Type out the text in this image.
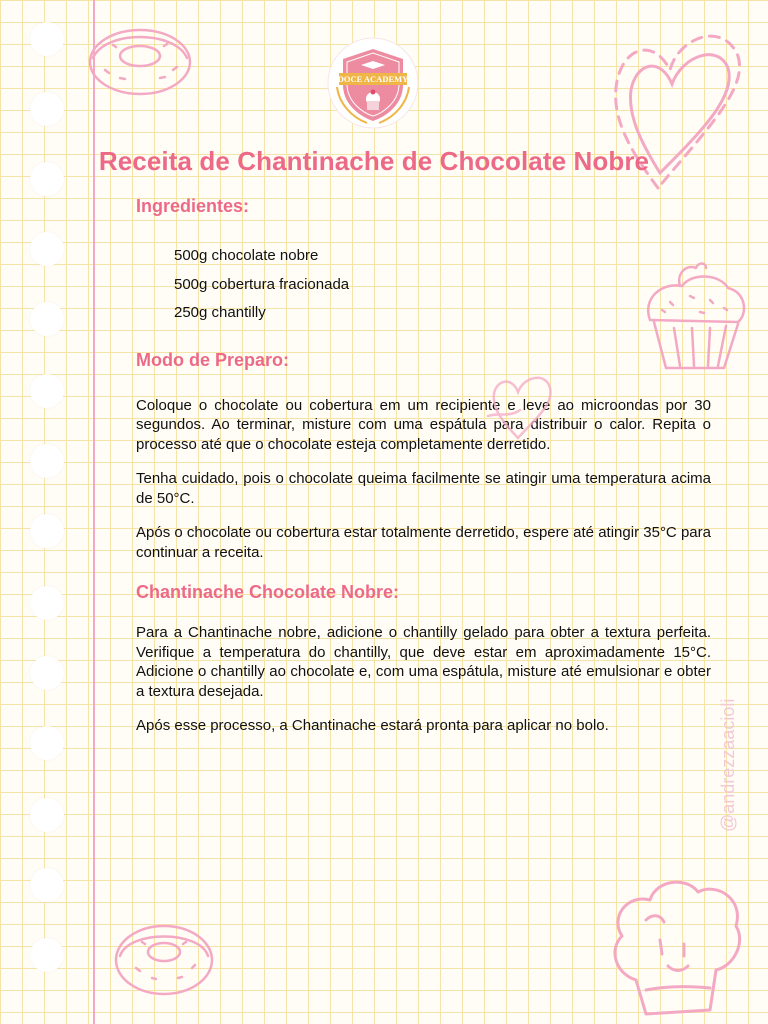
DOCE ACADEMY
Receita de Chantinache de Chocolate Nobre
Ingredientes:
500g chocolate nobre
500g cobertura fracionada
250g chantilly
Modo de Preparo:

Coloque o chocolate ou cobertura em um recipiente e leve ao microondas por 30 segundos. Ao terminar, misture com uma espátula para distribuir o calor. Repita o processo até que o chocolate esteja completamente derretido.

Tenha cuidado, pois o chocolate queima facilmente se atingir uma temperatura acima de 50°C.

Após o chocolate ou cobertura estar totalmente derretido, espere até atingir 35°C para continuar a receita.

Chantinache Chocolate Nobre:

Para a Chantinache nobre, adicione o chantilly gelado para obter a textura perfeita. Verifique a temperatura do chantilly, que deve estar em aproximadamente 15°C. Adicione o chantilly ao chocolate e, com uma espátula, misture até emulsionar e obter a textura desejada.

Após esse processo, a Chantinache estará pronta para aplicar no bolo.	@andrezzaacioli
